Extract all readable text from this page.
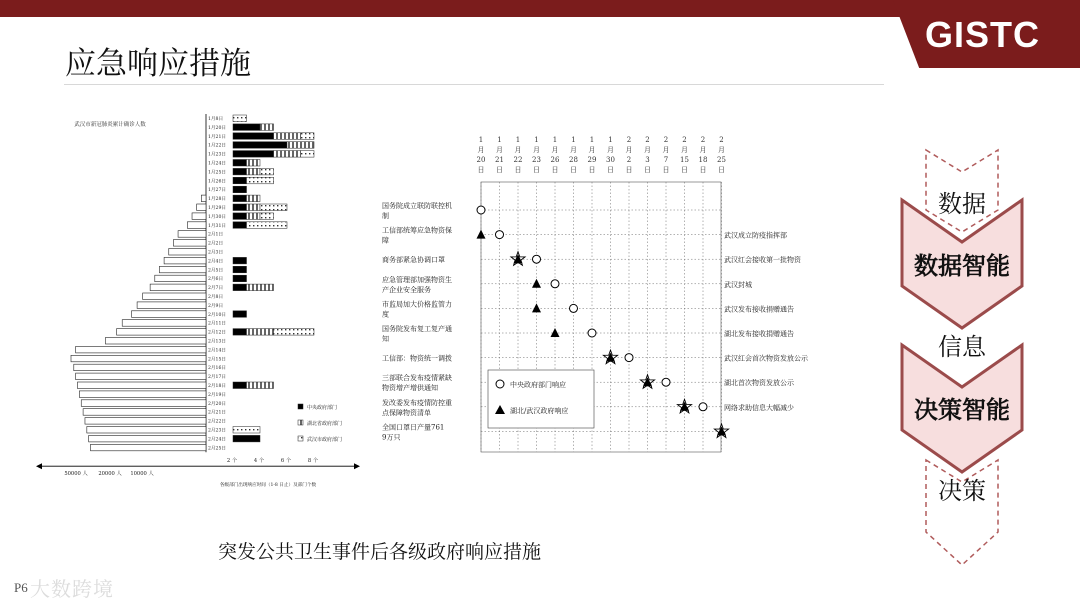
GISTC
应急响应措施
武汉市新冠肺炎累计确诊人数
1月8日
1月20日
1月21日
1月22日
1月23日
1月24日
1月25日
1月26日
1月27日
1月28日
1月29日
1月30日
1月31日
2月1日
2月2日
2月3日
2月4日
2月5日
2月6日
2月7日
2月8日
2月9日
2月10日
2月11日
2月12日
2月13日
2月14日
2月15日
2月16日
2月17日
2月18日
2月19日
2月20日
2月21日
2月22日
2月23日
2月24日
2月25日
50000 人 20000 人 10000 人
2 个	4 个	6 个	8 个
各级部门出现响应时间（1-8 日止）及部门个数
中央政府部门
湖北省政府部门
武汉市政府部门
1
月
20
日
1
月
21
日
1
月
22
日
1
月
23
日
1
月
26
日
1
月
28
日
1
月
29
日
1
月
30
日
2
月
2
日
2
月
3
日
2
月
7
日
2
月
15
日
2
月
18
日
2
月
25
日
国务院成立联防联控机
制
工信部统筹应急物资保
障
商务部紧急协调口罩
应急管理部加强物资生
产企业安全服务
市监局加大价格监管力
度
国务院发布复工复产通
知
工信部：物资统一调拨
三部联合发布疫情紧缺
物资增产增供通知
发改委发布疫情防控重
点保障物资清单
全国口罩日产量761
9万只
武汉成立防疫指挥部
武汉红会接收第一批物资
武汉封城
武汉发布接收捐赠通告
湖北发布接收捐赠通告
武汉红会首次物资发放公示
湖北首次物资发放公示
网络求助信息大幅减少
中央政府部门响应
湖北/武汉政府响应
突发公共卫生事件后各级政府响应措施
P6 大数跨境
数据
数据智能
信息
决策智能
决策
